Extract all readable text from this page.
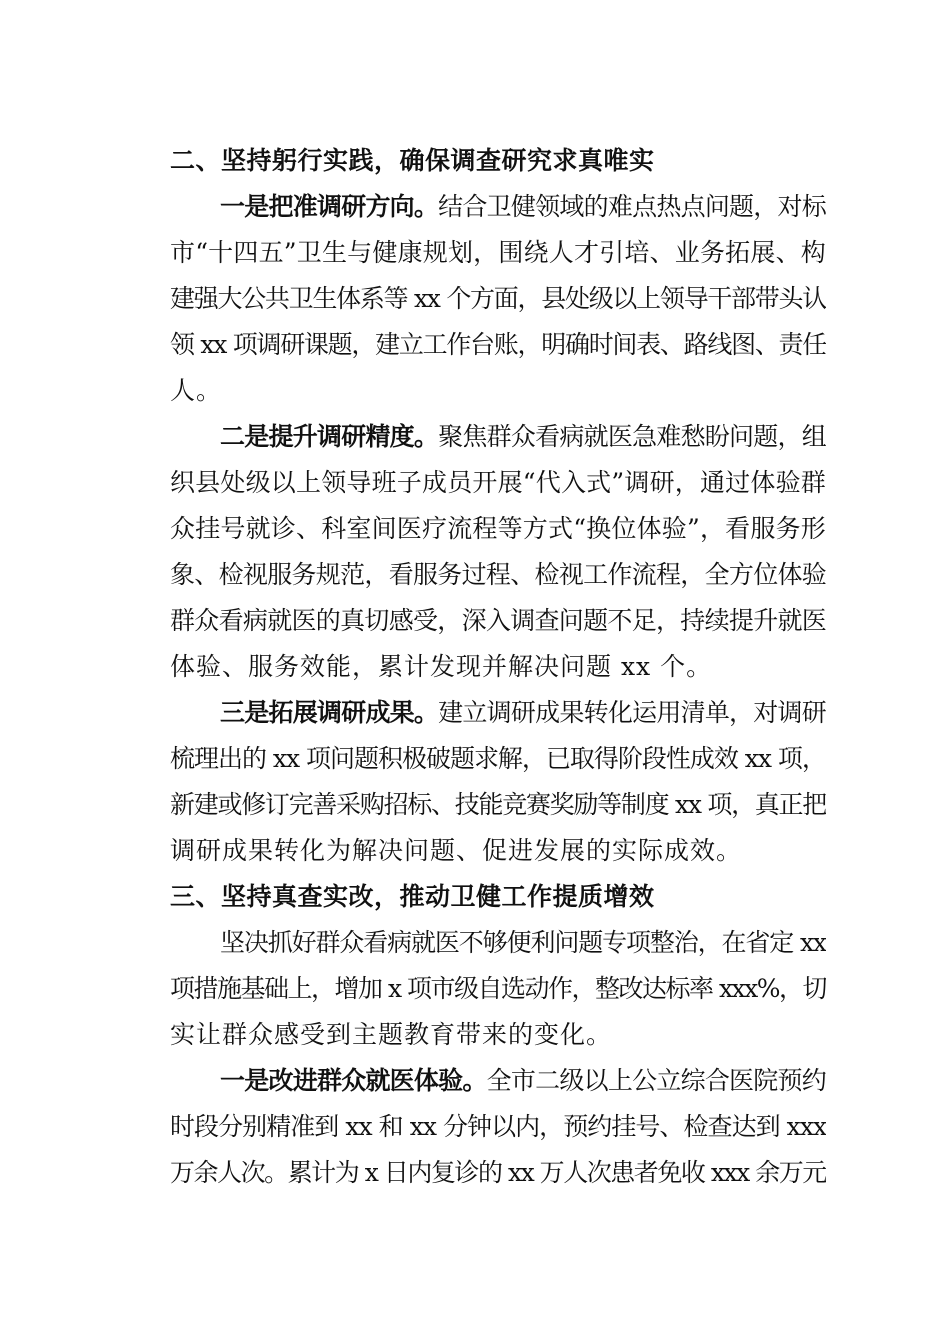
二、坚持躬行实践，确保调查研究求真唯实
一是把准调研方向。结合卫健领域的难点热点问题，对标
市“十四五”卫生与健康规划，围绕人才引培、业务拓展、构
建强大公共卫生体系等 xx 个方面，县处级以上领导干部带头认
领 xx 项调研课题，建立工作台账，明确时间表、路线图、责任
人。
二是提升调研精度。聚焦群众看病就医急难愁盼问题，组
织县处级以上领导班子成员开展“代入式”调研，通过体验群
众挂号就诊、科室间医疗流程等方式“换位体验”，看服务形
象、检视服务规范，看服务过程、检视工作流程，全方位体验
群众看病就医的真切感受，深入调查问题不足，持续提升就医
体验、服务效能，累计发现并解决问题 xx 个。
三是拓展调研成果。建立调研成果转化运用清单，对调研
梳理出的 xx 项问题积极破题求解，已取得阶段性成效 xx 项，
新建或修订完善采购招标、技能竞赛奖励等制度 xx 项，真正把
调研成果转化为解决问题、促进发展的实际成效。
三、坚持真查实改，推动卫健工作提质增效
坚决抓好群众看病就医不够便利问题专项整治，在省定 xx
项措施基础上，增加 x 项市级自选动作，整改达标率 xxx%，切
实让群众感受到主题教育带来的变化。
一是改进群众就医体验。全市二级以上公立综合医院预约
时段分别精准到 xx 和 xx 分钟以内，预约挂号、检查达到 xxx
万余人次。累计为 x 日内复诊的 xx 万人次患者免收 xxx 余万元
